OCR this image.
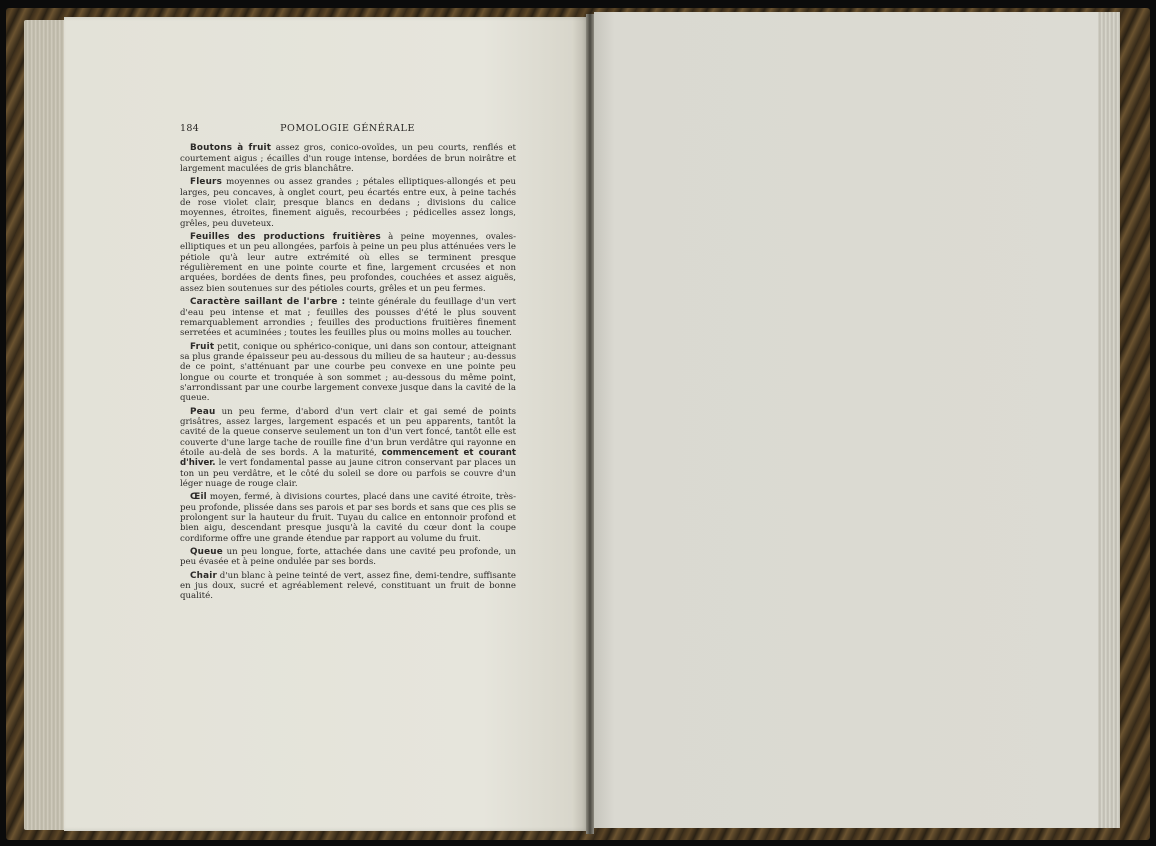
184	POMOLOGIE GÉNÉRALE

Boutons à fruit assez gros, conico-ovoïdes, un peu courts, renflés et courtement aigus ; écailles d'un rouge intense, bordées de brun noirâtre et largement maculées de gris blanchâtre.

Fleurs moyennes ou assez grandes ; pétales elliptiques-allongés et peu larges, peu concaves, à onglet court, peu écartés entre eux, à peine tachés de rose violet clair, presque blancs en dedans ; divisions du calice moyennes, étroites, finement aiguës, recourbées ; pédicelles assez longs, grêles, peu duveteux.

Feuilles des productions fruitières à peine moyennes, ovales-elliptiques et un peu allongées, parfois à peine un peu plus atténuées vers le pétiole qu'à leur autre extrémité où elles se terminent presque régulièrement en une pointe courte et fine, largement crcusées et non arquées, bordées de dents fines, peu profondes, couchées et assez aiguës, assez bien soutenues sur des pétioles courts, grêles et un peu fermes.

Caractère saillant de l'arbre : teinte générale du feuillage d'un vert d'eau peu intense et mat ; feuilles des pousses d'été le plus souvent remarquablement arrondies ; feuilles des productions fruitières finement serretées et acuminées ; toutes les feuilles plus ou moins molles au toucher.

Fruit petit, conique ou sphérico-conique, uni dans son contour, atteignant sa plus grande épaisseur peu au-dessous du milieu de sa hauteur ; au-dessus de ce point, s'atténuant par une courbe peu convexe en une pointe peu longue ou courte et tronquée à son sommet ; au-dessous du même point, s'arrondissant par une courbe largement convexe jusque dans la cavité de la queue.

Peau un peu ferme, d'abord d'un vert clair et gai semé de points grisâtres, assez larges, largement espacés et un peu apparents, tantôt la cavité de la queue conserve seulement un ton d'un vert foncé, tantôt elle est couverte d'une large tache de rouille fine d'un brun verdâtre qui rayonne en étoile au-delà de ses bords. A la maturité, commencement et courant d'hiver. le vert fondamental passe au jaune citron conservant par places un ton un peu verdâtre, et le côté du soleil se dore ou parfois se couvre d'un léger nuage de rouge clair.

Œil moyen, fermé, à divisions courtes, placé dans une cavité étroite, très-peu profonde, plissée dans ses parois et par ses bords et sans que ces plis se prolongent sur la hauteur du fruit. Tuyau du calice en entonnoir profond et bien aigu, descendant presque jusqu'à la cavité du cœur dont la coupe cordiforme offre une grande étendue par rapport au volume du fruit.

Queue un peu longue, forte, attachée dans une cavité peu profonde, un peu évasée et à peine ondulée par ses bords.

Chair d'un blanc à peine teinté de vert, assez fine, demi-tendre, suffisante en jus doux, sucré et agréablement relevé, constituant un fruit de bonne qualité.
